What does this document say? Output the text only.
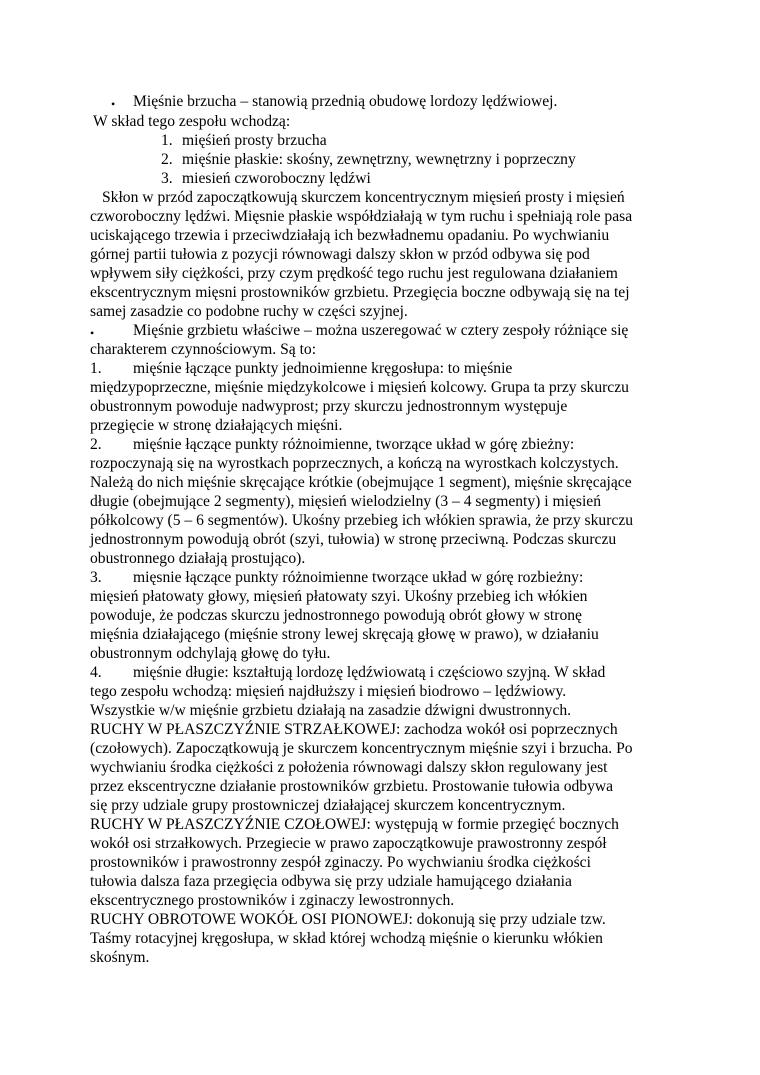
• Mięśnie brzucha – stanowią przednią obudowę lordozy lędźwiowej.
W skład tego zespołu wchodzą:
1. mięśień prosty brzucha
2. mięśnie płaskie: skośny, zewnętrzny, wewnętrzny i poprzeczny
3. miesień czworoboczny lędźwi
Skłon w przód zapoczątkowują skurczem koncentrycznym mięsień prosty i mięsień
czworoboczny lędźwi. Mięsnie płaskie współdziałają w tym ruchu i spełniają role pasa
uciskającego trzewia i przeciwdziałają ich bezwładnemu opadaniu. Po wychwianiu
górnej partii tułowia z pozycji równowagi dalszy skłon w przód odbywa się pod
wpływem siły ciężkości, przy czym prędkość tego ruchu jest regulowana działaniem
ekscentrycznym mięsni prostowników grzbietu. Przegięcia boczne odbywają się na tej
samej zasadzie co podobne ruchy w części szyjnej.
• Mięśnie grzbietu właściwe – można uszeregować w cztery zespoły różniące się
charakterem czynnościowym. Są to:
1. mięśnie łączące punkty jednoimienne kręgosłupa: to mięśnie
międzypoprzeczne, mięśnie międzykolcowe i mięsień kolcowy. Grupa ta przy skurczu
obustronnym powoduje nadwyprost; przy skurczu jednostronnym występuje
przegięcie w stronę działających mięśni.
2. mięśnie łączące punkty różnoimienne, tworzące układ w górę zbieżny:
rozpoczynają się na wyrostkach poprzecznych, a kończą na wyrostkach kolczystych.
Należą do nich mięśnie skręcające krótkie (obejmujące 1 segment), mięśnie skręcające
długie (obejmujące 2 segmenty), mięsień wielodzielny (3 – 4 segmenty) i mięsień
półkolcowy (5 – 6 segmentów). Ukośny przebieg ich włókien sprawia, że przy skurczu
jednostronnym powodują obrót (szyi, tułowia) w stronę przeciwną. Podczas skurczu
obustronnego działają prostująco).
3. mięsnie łączące punkty różnoimienne tworzące układ w górę rozbieżny:
mięsień płatowaty głowy, mięsień płatowaty szyi. Ukośny przebieg ich włókien
powoduje, że podczas skurczu jednostronnego powodują obrót głowy w stronę
mięśnia działającego (mięśnie strony lewej skręcają głowę w prawo), w działaniu
obustronnym odchylają głowę do tyłu.
4. mięśnie długie: kształtują lordozę lędźwiowatą i częściowo szyjną. W skład
tego zespołu wchodzą: mięsień najdłuższy i mięsień biodrowo – lędźwiowy.
Wszystkie w/w mięśnie grzbietu działają na zasadzie dźwigni dwustronnych.
RUCHY W PŁASZCZYŹNIE STRZAŁKOWEJ: zachodza wokół osi poprzecznych
(czołowych). Zapoczątkowują je skurczem koncentrycznym mięśnie szyi i brzucha. Po
wychwianiu środka ciężkości z położenia równowagi dalszy skłon regulowany jest
przez ekscentryczne działanie prostowników grzbietu. Prostowanie tułowia odbywa
się przy udziale grupy prostowniczej działającej skurczem koncentrycznym.
RUCHY W PŁASZCZYŹNIE CZOŁOWEJ: występują w formie przegięć bocznych
wokół osi strzałkowych. Przegiecie w prawo zapoczątkowuje prawostronny zespół
prostowników i prawostronny zespół zginaczy. Po wychwianiu środka ciężkości
tułowia dalsza faza przegięcia odbywa się przy udziale hamującego działania
ekscentrycznego prostowników i zginaczy lewostronnych.
RUCHY OBROTOWE WOKÓŁ OSI PIONOWEJ: dokonują się przy udziale tzw.
Taśmy rotacyjnej kręgosłupa, w skład której wchodzą mięśnie o kierunku włókien
skośnym.
